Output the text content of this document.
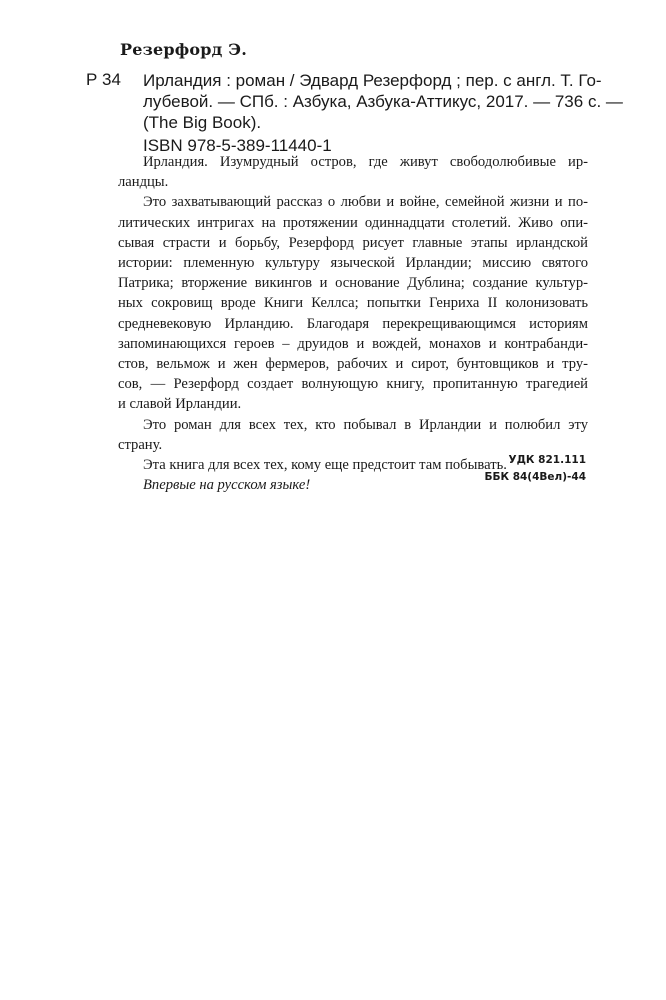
Резерфорд Э.
Р 34 Ирландия : роман / Эдвард Резерфорд ; пер. с англ. Т. Го-
лубевой. — СПб. : Азбука, Азбука-Аттикус, 2017. — 736 с. —
(The Big Book).
ISBN 978-5-389-11440-1
Ирландия. Изумрудный остров, где живут свободолюбивые ир-
ландцы.
Это захватывающий рассказ о любви и войне, семейной жизни и по-
литических интригах на протяжении одиннадцати столетий. Живо опи-
сывая страсти и борьбу, Резерфорд рисует главные этапы ирландской
истории: племенную культуру языческой Ирландии; миссию святого
Патрика; вторжение викингов и основание Дублина; создание культур-
ных сокровищ вроде Книги Келлса; попытки Генриха II колонизовать
средневековую Ирландию. Благодаря перекрещивающимся историям
запоминающихся героев – друидов и вождей, монахов и контрабанди-
стов, вельмож и жен фермеров, рабочих и сирот, бунтовщиков и тру-
сов, — Резерфорд создает волнующую книгу, пропитанную трагедией
и славой Ирландии.
Это роман для всех тех, кто побывал в Ирландии и полюбил эту
страну.
Эта книга для всех тех, кому еще предстоит там побывать.
Впервые на русском языке!
УДК 821.111
ББК 84(4Вел)-44
